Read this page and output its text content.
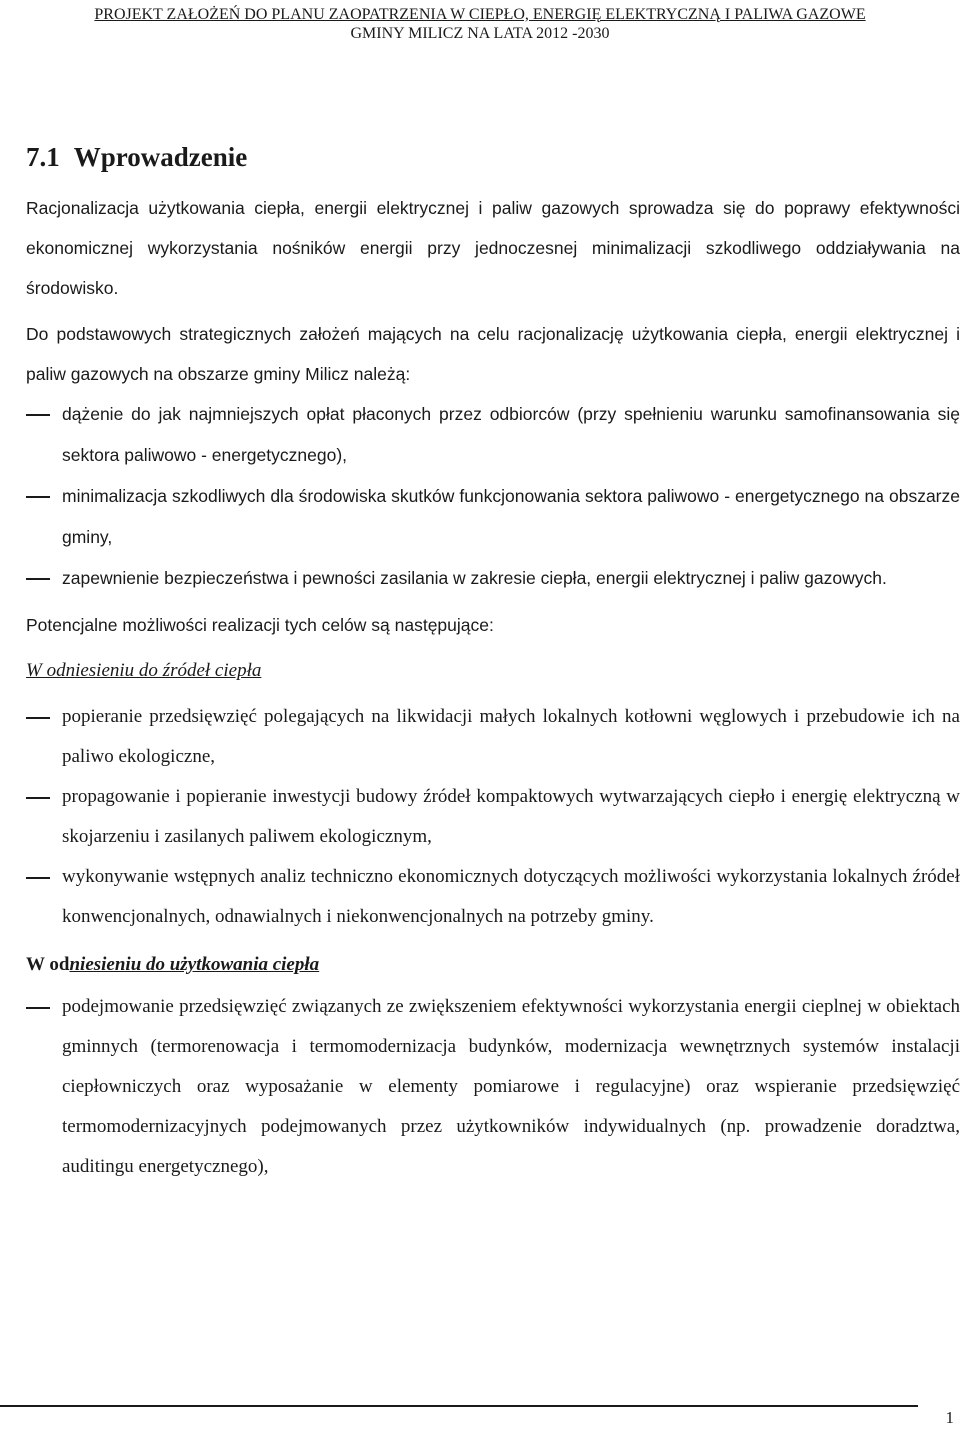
PROJEKT ZAŁOŻEŃ DO PLANU ZAOPATRZENIA W CIEPŁO, ENERGIĘ ELEKTRYCZNĄ I PALIWA GAZOWE
GMINY MILICZ NA LATA 2012 -2030
7.1 Wprowadzenie

Racjonalizacja użytkowania ciepła, energii elektrycznej i paliw gazowych sprowadza się do poprawy efektywności ekonomicznej wykorzystania nośników energii przy jednoczesnej minimalizacji szkodliwego oddziaływania na środowisko.

Do podstawowych strategicznych założeń mających na celu racjonalizację użytkowania ciepła, energii elektrycznej i paliw gazowych na obszarze gminy Milicz należą:

dążenie do jak najmniejszych opłat płaconych przez odbiorców (przy spełnieniu warunku samofinansowania się sektora paliwowo - energetycznego),
minimalizacja szkodliwych dla środowiska skutków funkcjonowania sektora paliwowo - energetycznego na obszarze gminy,
zapewnienie bezpieczeństwa i pewności zasilania w zakresie ciepła, energii elektrycznej i paliw gazowych.

Potencjalne możliwości realizacji tych celów są następujące:

W odniesieniu do źródeł ciepła
popieranie przedsięwzięć polegających na likwidacji małych lokalnych kotłowni węglowych i przebudowie ich na paliwo ekologiczne,
propagowanie i popieranie inwestycji budowy źródeł kompaktowych wytwarzających ciepło i energię elektryczną w skojarzeniu i zasilanych paliwem ekologicznym,
wykonywanie wstępnych analiz techniczno ekonomicznych dotyczących możliwości wykorzystania lokalnych źródeł konwencjonalnych, odnawialnych i niekonwencjonalnych na potrzeby gminy.
W odniesieniu do użytkowania ciepła
podejmowanie przedsięwzięć związanych ze zwiększeniem efektywności wykorzystania energii cieplnej w obiektach gminnych (termorenowacja i termomodernizacja budynków, modernizacja wewnętrznych systemów instalacji ciepłowniczych oraz wyposażanie w elementy pomiarowe i regulacyjne) oraz wspieranie przedsięwzięć termomodernizacyjnych podejmowanych przez użytkowników indywidualnych (np. prowadzenie doradztwa, auditingu energetycznego),
1
